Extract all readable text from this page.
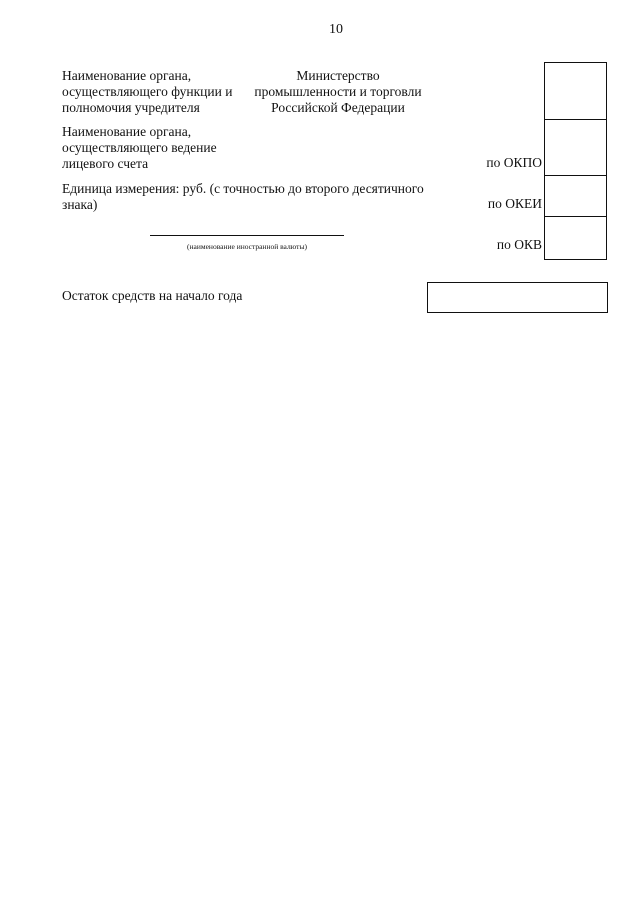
10
Наименование органа,
осуществляющего функции и
полномочия учредителя
Министерство
промышленности и торговли
Российской Федерации
Наименование органа,
осуществляющего ведение
лицевого счета
Единица измерения: руб. (с точностью до второго десятичного
знака)
(наименование иностранной валюты)
по ОКПО
по ОКЕИ
по ОКВ
Остаток средств на начало года
